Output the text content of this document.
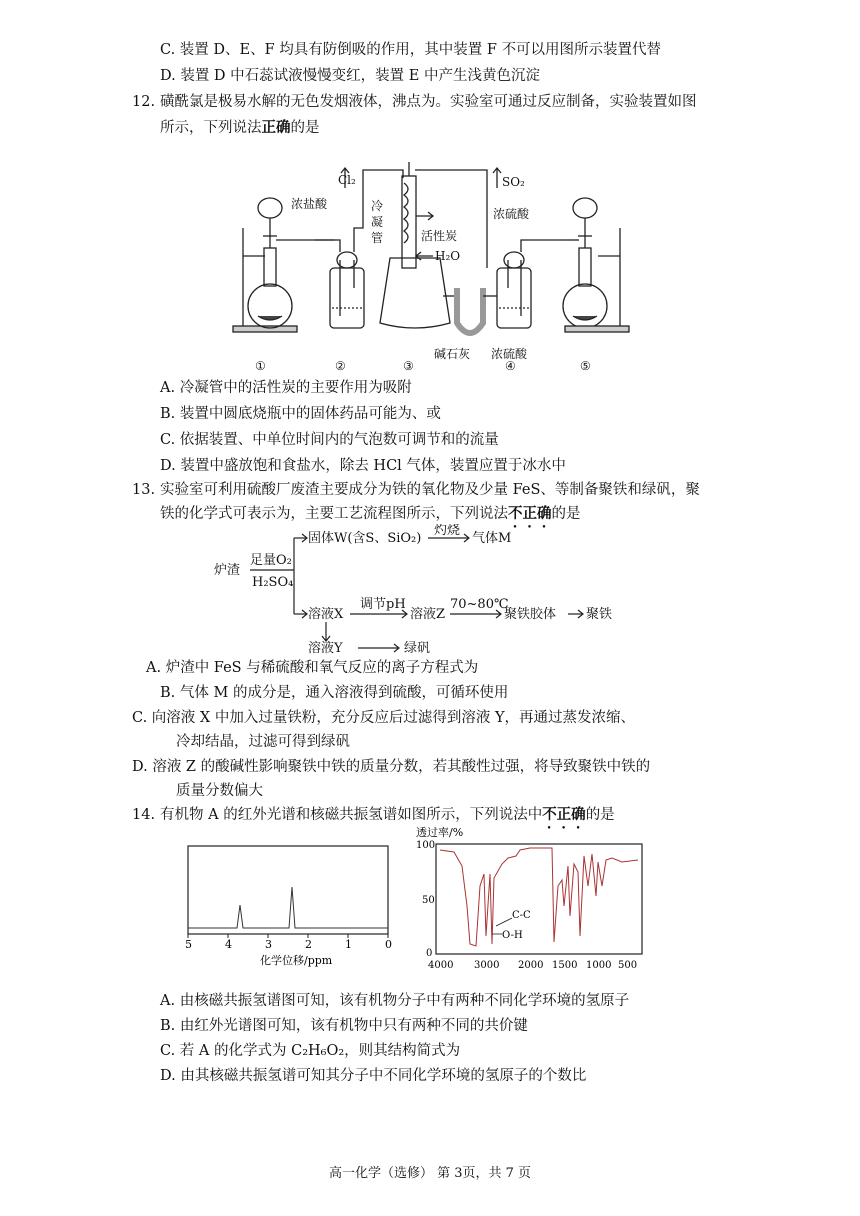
C. 装置 D、E、F 均具有防倒吸的作用，其中装置 F 不可以用图所示装置代替
D. 装置 D 中石蕊试液慢慢变红，装置 E 中产生浅黄色沉淀
12. 磺酰氯是极易水解的无色发烟液体，沸点为。实验室可通过反应制备，实验装置如图
所示，下列说法正确的是
Cl₂	SO₂
浓盐酸
浓硫酸
冷
凝
管	活性炭
H₂O
碱石灰 浓硫酸
①	②	③	④	⑤
A. 冷凝管中的活性炭的主要作用为吸附
B. 装置中圆底烧瓶中的固体药品可能为、或
C. 依据装置、中单位时间内的气泡数可调节和的流量
D. 装置中盛放饱和食盐水，除去 HCl 气体，装置应置于冰水中
13. 实验室可利用硫酸厂废渣主要成分为铁的氧化物及少量 FeS、等制备聚铁和绿矾，聚
铁的化学式可表示为，主要工艺流程图所示，下列说法不正确的是
炉渣
足量O₂
H₂SO₄
固体W(含S、SiO₂)
灼烧
气体M
溶液X
调节pH
溶液Z
70~80℃
聚铁胶体 聚铁
溶液Y	绿矾
A. 炉渣中 FeS 与稀硫酸和氧气反应的离子方程式为
B. 气体 M 的成分是，通入溶液得到硫酸，可循环使用
C. 向溶液 X 中加入过量铁粉，充分反应后过滤得到溶液 Y，再通过蒸发浓缩、
冷却结晶，过滤可得到绿矾
D. 溶液 Z 的酸碱性影响聚铁中铁的质量分数，若其酸性过强，将导致聚铁中铁的
质量分数偏大
14. 有机物 A 的红外光谱和核磁共振氢谱如图所示，下列说法中不正确的是
5	4	3	2	1	0
化学位移/ppm
透过率/%
100
50
0
4000 3000 2000 1500 1000 500
C-C
O-H
A. 由核磁共振氢谱图可知，该有机物分子中有两种不同化学环境的氢原子
B. 由红外光谱图可知，该有机物中只有两种不同的共价键
C. 若 A 的化学式为 C₂H₆O₂，则其结构简式为
D. 由其核磁共振氢谱可知其分子中不同化学环境的氢原子的个数比
高一化学（选修） 第 3页，共 7 页
